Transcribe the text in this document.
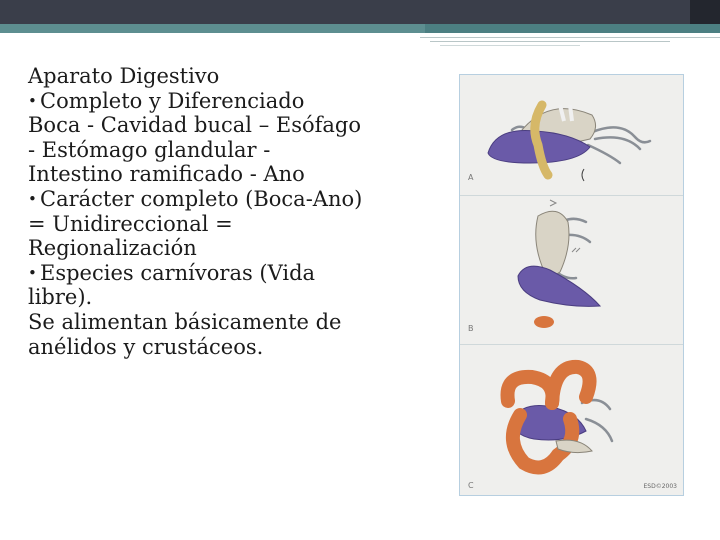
Aparato Digestivo
• Completo y Diferenciado
Boca - Cavidad bucal – Esófago
- Estómago glandular -
Intestino ramificado - Ano
• Carácter completo (Boca-Ano)
= Unidireccional =
Regionalización
• Especies carnívoras (Vida
libre).
Se alimentan básicamente de
anélidos y crustáceos.
A
B
C	ESD©2003
